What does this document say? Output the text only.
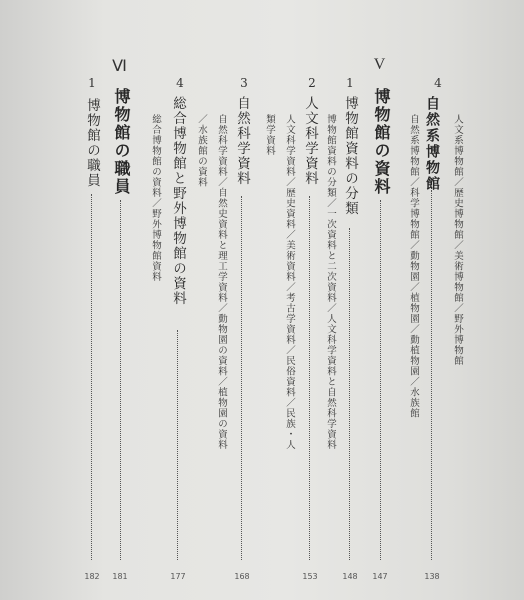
4
自然系博物館
138
人文系博物館／歴史博物館／美術博物館／野外博物館
自然系博物館／科学博物館／動物園／植物園／動植物園／水族館
V
博物館の資料
147
1
博物館資料の分類
148
博物館資料の分類／一次資料と二次資料／人文科学資料と自然科学資料
2
人文科学資料
153
人文科学資料／歴史資料／美術資料／考古学資料／民俗資料／民族・人
類学資料
3
自然科学資料
168
自然科学資料／自然史資料と理工学資料／動物園の資料／植物園の資料
／水族館の資料
4
総合博物館と野外博物館の資料
177
総合博物館の資料／野外博物館資料
Ⅵ
博物館の職員
181
1
博物館の職員
182
